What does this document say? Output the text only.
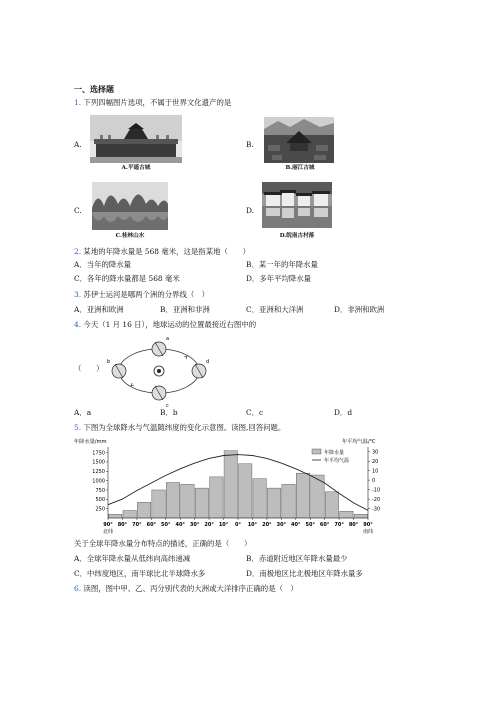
一、选择题
1. 下列四幅图片选项，不属于世界文化遗产的是
A.
A.平遥古城
B.
B.丽江古城
C.
C.桂林山水
D.
D.皖南古村落
2. 某地的年降水量是 568 毫米，这是指某地（　　）
A．当年的降水量	B．某一年的年降水量
C．各年的降水量都是 568 毫米	D．多年平均降水量
3. 苏伊士运河是哪两个洲的分界线（　）
A．亚洲和欧洲	B．亚洲和非洲	C．亚洲和大洋洲	D．非洲和欧洲
4. 今天（1 月 16 日），地球运动的位置最接近右图中的
（　　）
a
b
c
d
A．a	B．b	C．c	D．d
5. 下图为全球降水与气温随纬度的变化示意图。读图,回答问题。
年降水量/mm	年平均气温/℃
250
500
750
1000
1250
1500
1750	30
20
10
0
-10
-20
-30
90° 80° 70° 60° 50° 40° 30° 20° 10° 0° 10° 20° 30° 40° 50° 60° 70° 80° 90°
北纬	南纬
年降水量
年平均气温
关于全球年降水量分布特点的描述，正确的是（　　）
A．全球年降水量从低纬向高纬递减	B．赤道附近地区年降水量最少
C．中纬度地区，南半球比北半球降水多	D．南极地区比北极地区年降水量多
6. 读图，图中甲、乙、丙分别代表的大洲或大洋排序正确的是（　）
